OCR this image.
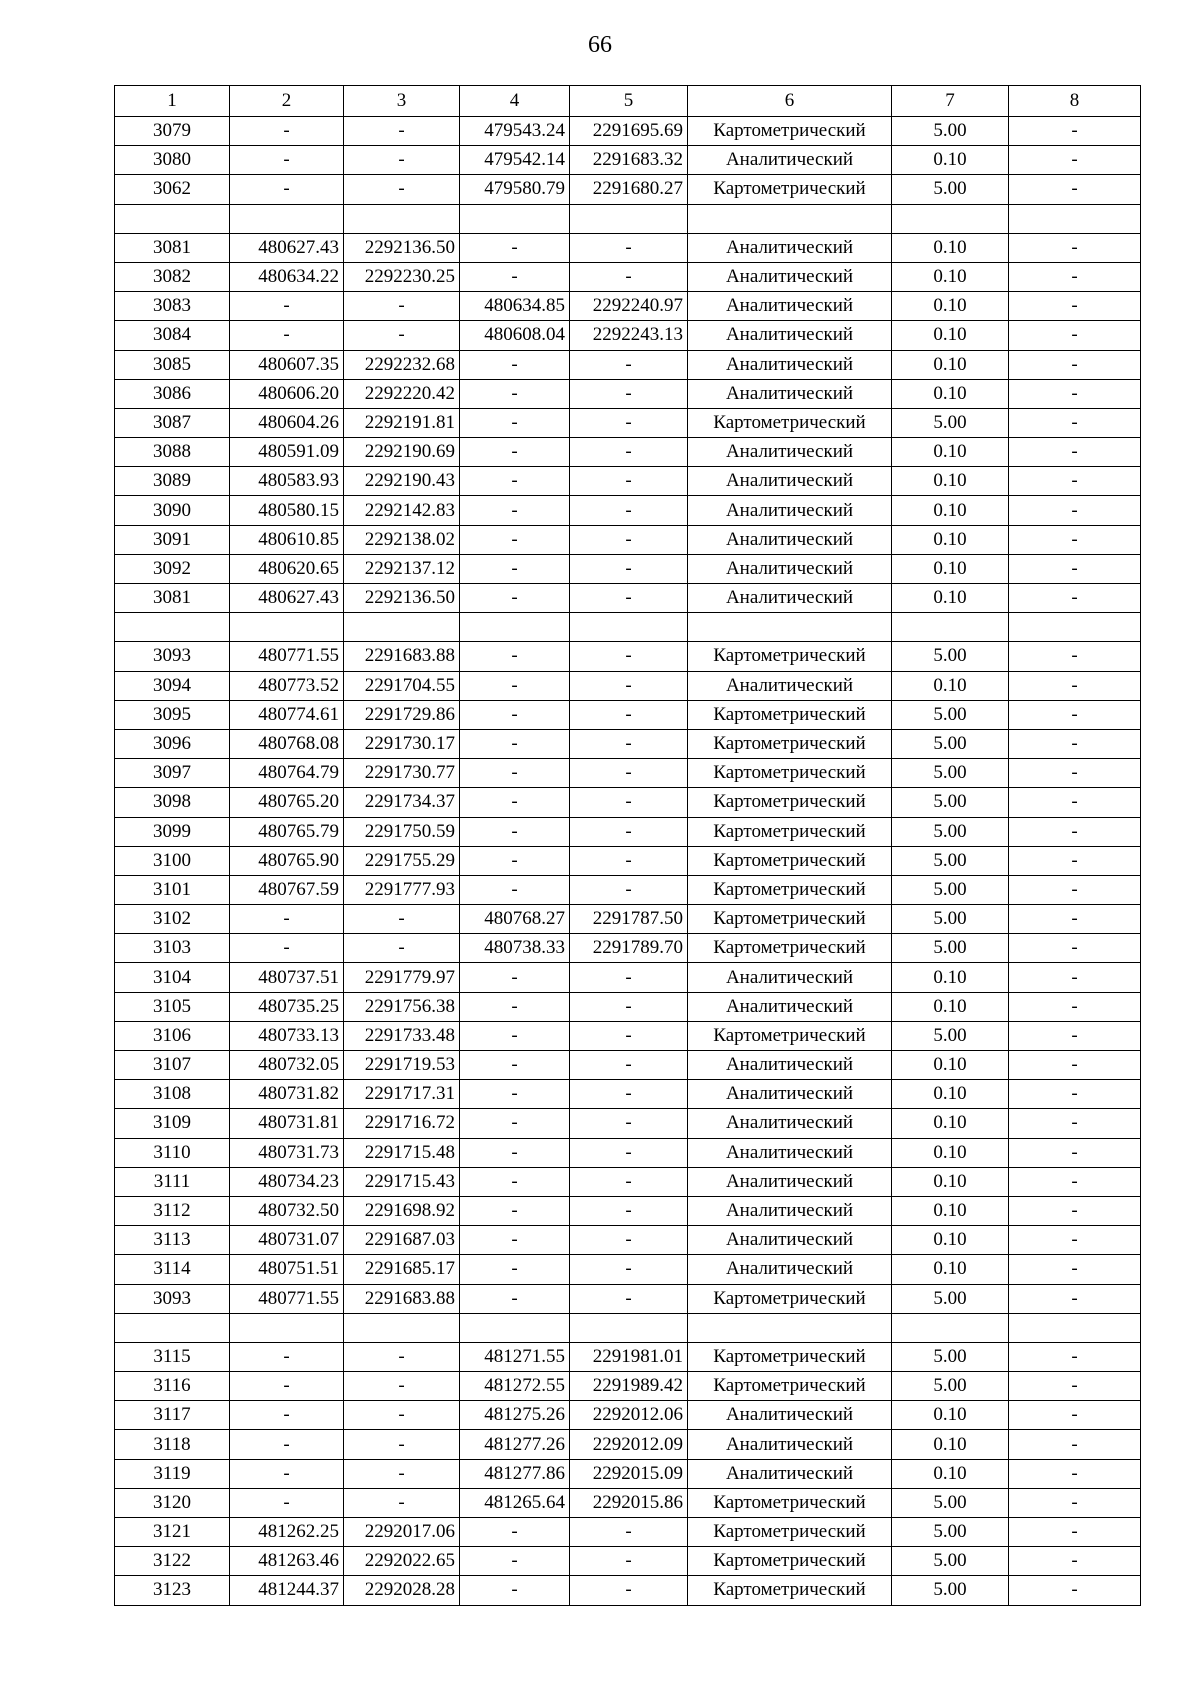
66
1	2	3	4	5	6	7	8
3079	-	-	479543.24	2291695.69	Картометрический	5.00	-
3080	-	-	479542.14	2291683.32	Аналитический	0.10	-
3062	-	-	479580.79	2291680.27	Картометрический	5.00	-

3081	480627.43	2292136.50	-	-	Аналитический	0.10	-
3082	480634.22	2292230.25	-	-	Аналитический	0.10	-
3083	-	-	480634.85	2292240.97	Аналитический	0.10	-
3084	-	-	480608.04	2292243.13	Аналитический	0.10	-
3085	480607.35	2292232.68	-	-	Аналитический	0.10	-
3086	480606.20	2292220.42	-	-	Аналитический	0.10	-
3087	480604.26	2292191.81	-	-	Картометрический	5.00	-
3088	480591.09	2292190.69	-	-	Аналитический	0.10	-
3089	480583.93	2292190.43	-	-	Аналитический	0.10	-
3090	480580.15	2292142.83	-	-	Аналитический	0.10	-
3091	480610.85	2292138.02	-	-	Аналитический	0.10	-
3092	480620.65	2292137.12	-	-	Аналитический	0.10	-
3081	480627.43	2292136.50	-	-	Аналитический	0.10	-

3093	480771.55	2291683.88	-	-	Картометрический	5.00	-
3094	480773.52	2291704.55	-	-	Аналитический	0.10	-
3095	480774.61	2291729.86	-	-	Картометрический	5.00	-
3096	480768.08	2291730.17	-	-	Картометрический	5.00	-
3097	480764.79	2291730.77	-	-	Картометрический	5.00	-
3098	480765.20	2291734.37	-	-	Картометрический	5.00	-
3099	480765.79	2291750.59	-	-	Картометрический	5.00	-
3100	480765.90	2291755.29	-	-	Картометрический	5.00	-
3101	480767.59	2291777.93	-	-	Картометрический	5.00	-
3102	-	-	480768.27	2291787.50	Картометрический	5.00	-
3103	-	-	480738.33	2291789.70	Картометрический	5.00	-
3104	480737.51	2291779.97	-	-	Аналитический	0.10	-
3105	480735.25	2291756.38	-	-	Аналитический	0.10	-
3106	480733.13	2291733.48	-	-	Картометрический	5.00	-
3107	480732.05	2291719.53	-	-	Аналитический	0.10	-
3108	480731.82	2291717.31	-	-	Аналитический	0.10	-
3109	480731.81	2291716.72	-	-	Аналитический	0.10	-
3110	480731.73	2291715.48	-	-	Аналитический	0.10	-
3111	480734.23	2291715.43	-	-	Аналитический	0.10	-
3112	480732.50	2291698.92	-	-	Аналитический	0.10	-
3113	480731.07	2291687.03	-	-	Аналитический	0.10	-
3114	480751.51	2291685.17	-	-	Аналитический	0.10	-
3093	480771.55	2291683.88	-	-	Картометрический	5.00	-

3115	-	-	481271.55	2291981.01	Картометрический	5.00	-
3116	-	-	481272.55	2291989.42	Картометрический	5.00	-
3117	-	-	481275.26	2292012.06	Аналитический	0.10	-
3118	-	-	481277.26	2292012.09	Аналитический	0.10	-
3119	-	-	481277.86	2292015.09	Аналитический	0.10	-
3120	-	-	481265.64	2292015.86	Картометрический	5.00	-
3121	481262.25	2292017.06	-	-	Картометрический	5.00	-
3122	481263.46	2292022.65	-	-	Картометрический	5.00	-
3123	481244.37	2292028.28	-	-	Картометрический	5.00	-
